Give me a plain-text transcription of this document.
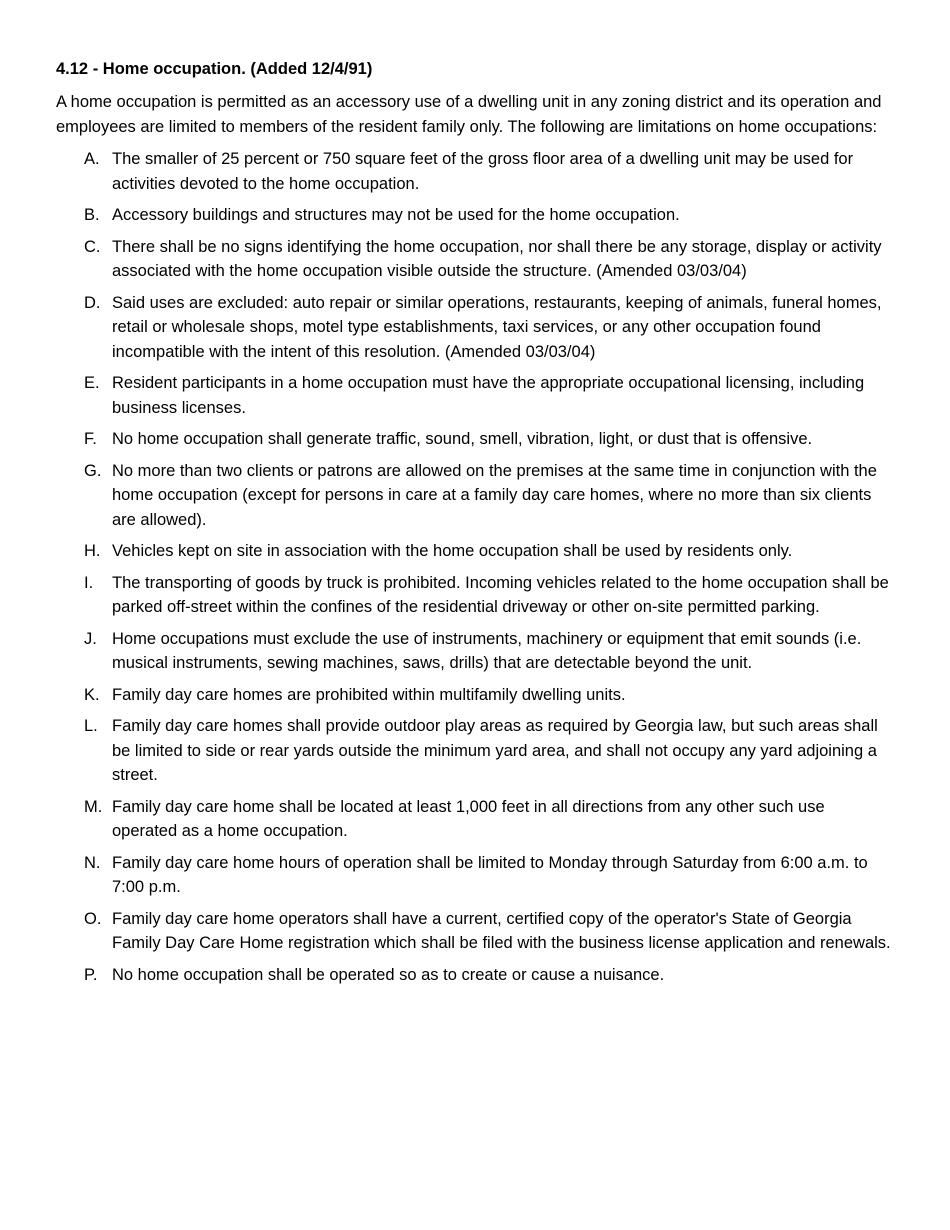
4.12 - Home occupation. (Added 12/4/91)
A home occupation is permitted as an accessory use of a dwelling unit in any zoning district and its operation and employees are limited to members of the resident family only. The following are limitations on home occupations:
A. The smaller of 25 percent or 750 square feet of the gross floor area of a dwelling unit may be used for activities devoted to the home occupation.
B. Accessory buildings and structures may not be used for the home occupation.
C. There shall be no signs identifying the home occupation, nor shall there be any storage, display or activity associated with the home occupation visible outside the structure. (Amended 03/03/04)
D. Said uses are excluded: auto repair or similar operations, restaurants, keeping of animals, funeral homes, retail or wholesale shops, motel type establishments, taxi services, or any other occupation found incompatible with the intent of this resolution. (Amended 03/03/04)
E. Resident participants in a home occupation must have the appropriate occupational licensing, including business licenses.
F. No home occupation shall generate traffic, sound, smell, vibration, light, or dust that is offensive.
G. No more than two clients or patrons are allowed on the premises at the same time in conjunction with the home occupation (except for persons in care at a family day care homes, where no more than six clients are allowed).
H. Vehicles kept on site in association with the home occupation shall be used by residents only.
I. The transporting of goods by truck is prohibited. Incoming vehicles related to the home occupation shall be parked off-street within the confines of the residential driveway or other on-site permitted parking.
J. Home occupations must exclude the use of instruments, machinery or equipment that emit sounds (i.e. musical instruments, sewing machines, saws, drills) that are detectable beyond the unit.
K. Family day care homes are prohibited within multifamily dwelling units.
L. Family day care homes shall provide outdoor play areas as required by Georgia law, but such areas shall be limited to side or rear yards outside the minimum yard area, and shall not occupy any yard adjoining a street.
M. Family day care home shall be located at least 1,000 feet in all directions from any other such use operated as a home occupation.
N. Family day care home hours of operation shall be limited to Monday through Saturday from 6:00 a.m. to 7:00 p.m.
O. Family day care home operators shall have a current, certified copy of the operator's State of Georgia Family Day Care Home registration which shall be filed with the business license application and renewals.
P. No home occupation shall be operated so as to create or cause a nuisance.
